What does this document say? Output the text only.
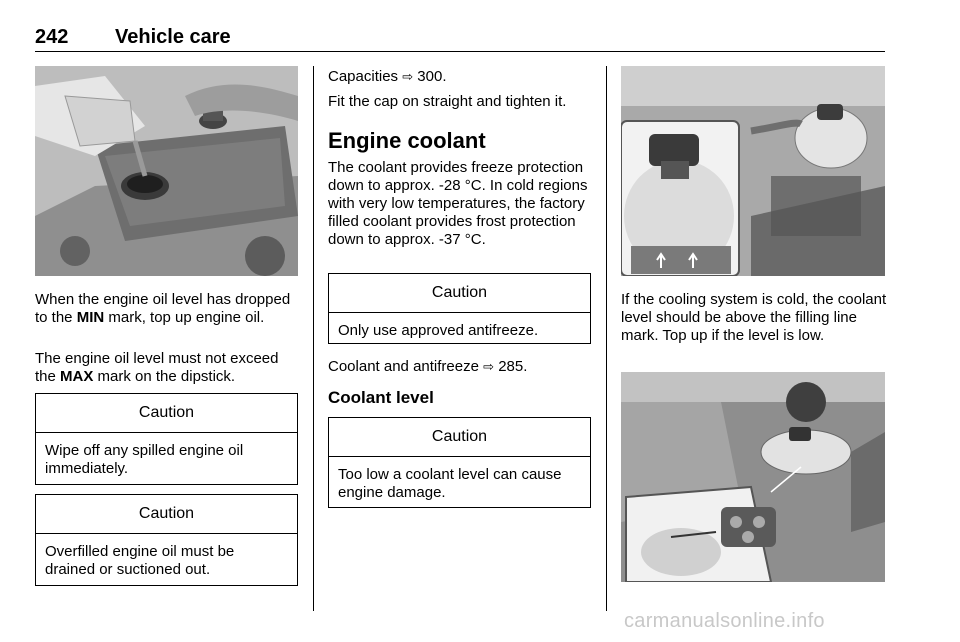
242 Vehicle care
When the engine oil level has dropped to the MIN mark, top up engine oil.
The engine oil level must not exceed the MAX mark on the dipstick.
Caution
Wipe off any spilled engine oil immediately.
Caution
Overfilled engine oil must be drained or suctioned out.
Capacities ⇨ 300.
Fit the cap on straight and tighten it.
Engine coolant
The coolant provides freeze protection down to approx. -28 °C. In cold regions with very low temperatures, the factory filled coolant provides frost protection down to approx. -37 °C.
Caution
Only use approved antifreeze.
Coolant and antifreeze ⇨ 285.
Coolant level
Caution
Too low a coolant level can cause engine damage.
If the cooling system is cold, the coolant level should be above the filling line mark. Top up if the level is low.
carmanualsonline.info
